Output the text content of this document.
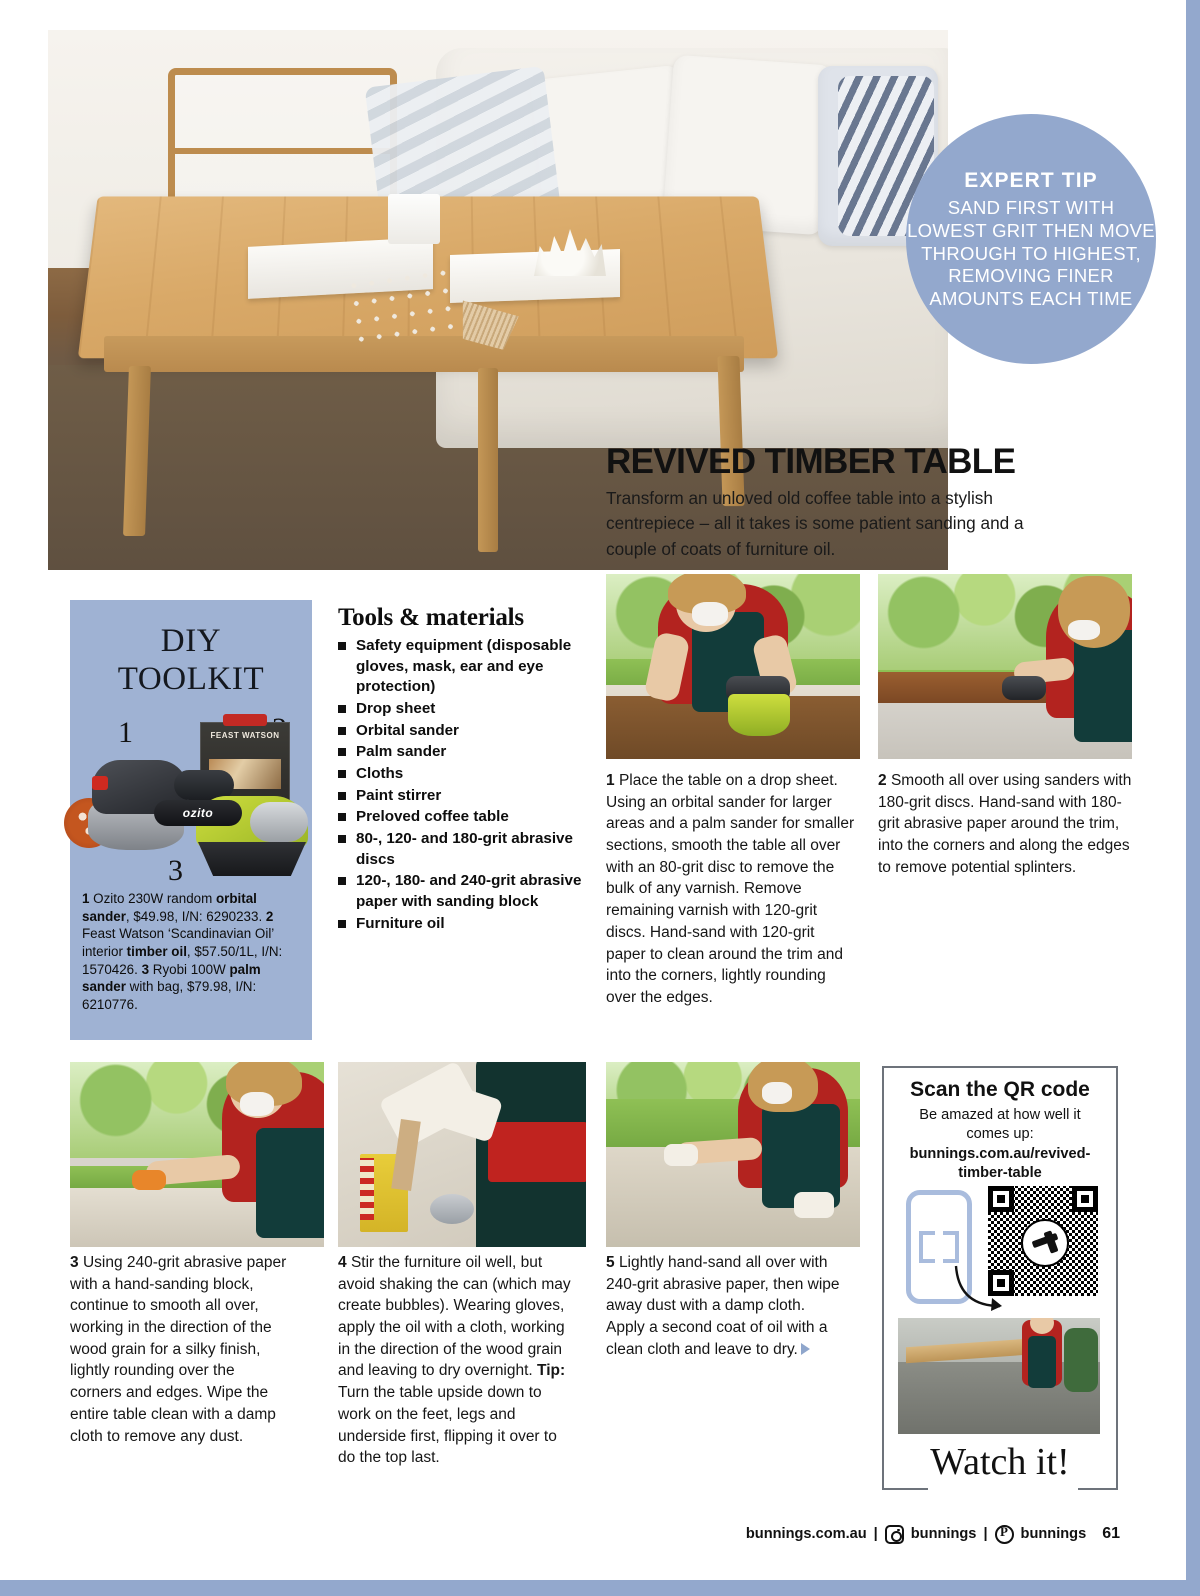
EXPERT TIP
SAND FIRST WITH LOWEST GRIT THEN MOVE THROUGH TO HIGHEST, REMOVING FINER AMOUNTS EACH TIME
REVIVED TIMBER TABLE
Transform an unloved old coffee table into a stylish centrepiece – all it takes is some patient sanding and a couple of coats of furniture oil.
DIY
TOOLKIT
1
3
FEAST WATSON
ozito
1 Ozito 230W random orbital sander, $49.98, I/N: 6290233. 2 Feast Watson ‘Scandinavian Oil’ interior timber oil, $57.50/1L, I/N: 1570426. 3 Ryobi 100W palm sander with bag, $79.98, I/N: 6210776.
Tools & materials
Safety equipment (disposable gloves, mask, ear and eye protection)
Drop sheet
Orbital sander
Palm sander
Cloths
Paint stirrer
Preloved coffee table
80-, 120- and 180-grit abrasive discs
120-, 180- and 240-grit abrasive paper with sanding block
Furniture oil
1 Place the table on a drop sheet. Using an orbital sander for larger areas and a palm sander for smaller sections, smooth the table all over with an 80-grit disc to remove the bulk of any varnish. Remove remaining varnish with 120-grit discs. Hand-sand with 120-grit paper to clean around the trim and into the corners, lightly rounding over the edges.
2 Smooth all over using sanders with 180-grit discs. Hand-sand with 180-grit abrasive paper around the trim, into the corners and along the edges to remove potential splinters.
3 Using 240-grit abrasive paper with a hand-sanding block, continue to smooth all over, working in the direction of the wood grain for a silky finish, lightly rounding over the corners and edges. Wipe the entire table clean with a damp cloth to remove any dust.
4 Stir the furniture oil well, but avoid shaking the can (which may create bubbles). Wearing gloves, apply the oil with a cloth, working in the direction of the wood grain and leaving to dry overnight. Tip: Turn the table upside down to work on the feet, legs and underside first, flipping it over to do the top last.
5 Lightly hand-sand all over with 240-grit abrasive paper, then wipe away dust with a damp cloth. Apply a second coat of oil with a clean cloth and leave to dry.
Scan the QR code
Be amazed at how well it comes up: bunnings.com.au/revived-timber-table
Watch it!
bunnings.com.au | bunnings | P bunnings 61
